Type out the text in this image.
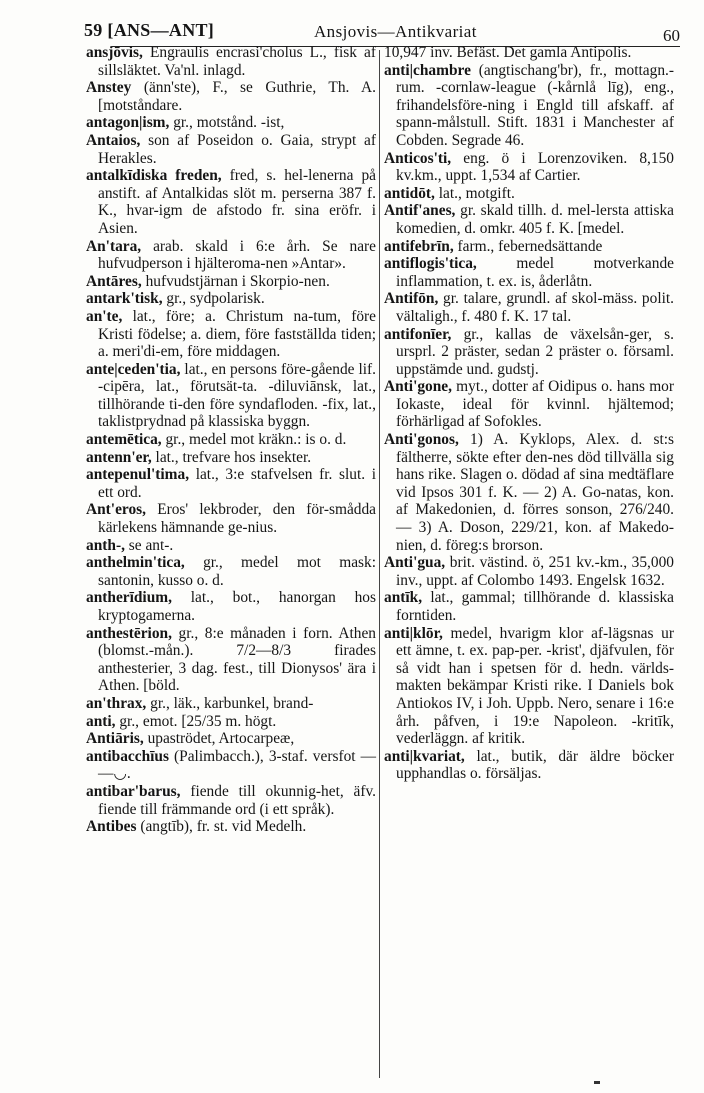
59 [ANS—ANT]	Ansjovis—Antikvariat	60

ansjōvis, Engraulis encrasi'cholus L., fisk af sillsläktet. Va'nl. inlagd.

Anstey (änn'ste), F., se Guthrie, Th. A. [motståndare.

antagon|ism, gr., motstånd. -ist,

Antaios, son af Poseidon o. Gaia, strypt af Herakles.

antalkīdiska freden, fred, s. hel-lenerna på anstift. af Antalkidas slöt m. perserna 387 f. K., hvar-igm de afstodo fr. sina eröfr. i Asien.

An'tara, arab. skald i 6:e årh. Se nare hufvudperson i hjälteroma-nen »Antar».

Antāres, hufvudstjärnan i Skorpio-nen.

antark'tisk, gr., sydpolarisk.

an'te, lat., före; a. Christum na-tum, före Kristi födelse; a. diem, före fastställda tiden; a. meri'di-em, före middagen.

ante|ceden'tia, lat., en persons före-gående lif. -cipēra, lat., förutsät-ta. -diluviānsk, lat., tillhörande ti-den före syndafloden. -fix, lat., taklistprydnad på klassiska byggn.

antemētica, gr., medel mot kräkn.: is o. d.

antenn'er, lat., trefvare hos insekter.

antepenul'tima, lat., 3:e stafvelsen fr. slut. i ett ord.

Ant'eros, Eros' lekbroder, den för-smådda kärlekens hämnande ge-nius.

anth-, se ant-.

anthelmin'tica, gr., medel mot mask: santonin, kusso o. d.

antherīdium, lat., bot., hanorgan hos kryptogamerna.

anthestērion, gr., 8:e månaden i forn. Athen (blomst.-mån.). 7/2—8/3 firades anthesterier, 3 dag. fest., till Dionysos' ära i Athen. [böld.

an'thrax, gr., läk., karbunkel, brand-

anti, gr., emot. [25/35 m. högt.

Antiāris, upaströdet, Artocarpeæ,

antibacchīus (Palimbacch.), 3-staf. versfot — —◡.

antibar'barus, fiende till okunnig-het, äfv. fiende till främmande ord (i ett språk).

Antibes (angtīb), fr. st. vid Medelh.

10,947 inv. Befäst. Det gamla Antipolis.

anti|chambre (angtischang'br), fr., mottagn.-rum. -cornlaw-league (-kårnlå līg), eng., frihandelsföre-ning i Engld till afskaff. af spann-målstull. Stift. 1831 i Manchester af Cobden. Segrade 46.

Anticos'ti, eng. ö i Lorenzoviken. 8,150 kv.km., uppt. 1,534 af Cartier.

antidōt, lat., motgift.

Antif'anes, gr. skald tillh. d. mel-lersta attiska komedien, d. omkr. 405 f. K. [medel.

antifebrīn, farm., febernedsättande

antiflogis'tica, medel motverkande inflammation, t. ex. is, åderlåtn.

Antifōn, gr. talare, grundl. af skol-mäss. polit. vältaligh., f. 480 f. K. 17 tal.

antifonīer, gr., kallas de växelsån-ger, s. ursprl. 2 präster, sedan 2 präster o. församl. uppstämde und. gudstj.

Anti'gone, myt., dotter af Oidipus o. hans mor Iokaste, ideal för kvinnl. hjältemod; förhärligad af Sofokles.

Anti'gonos, 1) A. Kyklops, Alex. d. st:s fältherre, sökte efter den-nes död tillvälla sig hans rike. Slagen o. dödad af sina medtäflare vid Ipsos 301 f. K. — 2) A. Go-natas, kon. af Makedonien, d. förres sonson, 276/240. — 3) A. Doson, 229/21, kon. af Makedo-nien, d. föreg:s brorson.

Anti'gua, brit. västind. ö, 251 kv.-km., 35,000 inv., uppt. af Colombo 1493. Engelsk 1632.

antīk, lat., gammal; tillhörande d. klassiska forntiden.

anti|klōr, medel, hvarigm klor af-lägsnas ur ett ämne, t. ex. pap-per. -krist', djäfvulen, för så vidt han i spetsen för d. hedn. världs-makten bekämpar Kristi rike. I Daniels bok Antiokos IV, i Joh. Uppb. Nero, senare i 16:e årh. påfven, i 19:e Napoleon. -kritīk, vederläggn. af kritik.

anti|kvariat, lat., butik, där äldre böcker upphandlas o. försäljas.
